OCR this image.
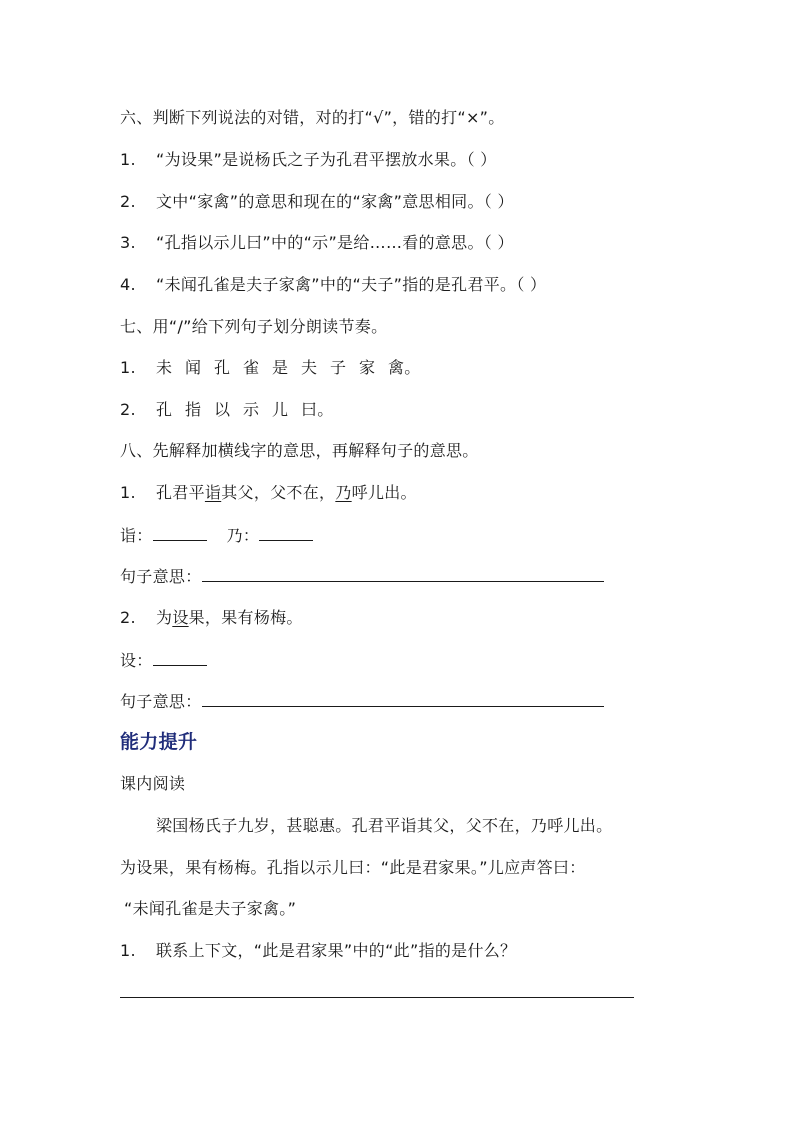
六、判断下列说法的对错，对的打“√”，错的打“×”。
1. “为设果”是说杨氏之子为孔君平摆放水果。（ ）
2. 文中“家禽”的意思和现在的“家禽”意思相同。（ ）
3. “孔指以示儿曰”中的“示”是给……看的意思。（ ）
4. “未闻孔雀是夫子家禽”中的“夫子”指的是孔君平。（ ）
七、用“/”给下列句子划分朗读节奏。
1. 未 闻 孔 雀 是 夫 子 家 禽。
2. 孔 指 以 示 儿 曰。
八、先解释加横线字的意思，再解释句子的意思。
1. 孔君平诣其父，父不在，乃呼儿出。
诣：	乃：
句子意思：
2. 为设果，果有杨梅。
设：
句子意思：
能力提升
课内阅读
梁国杨氏子九岁，甚聪惠。孔君平诣其父，父不在，乃呼儿出。
为设果，果有杨梅。孔指以示儿曰：“此是君家果。”儿应声答曰：
“未闻孔雀是夫子家禽。”
1. 联系上下文，“此是君家果”中的“此”指的是什么？
